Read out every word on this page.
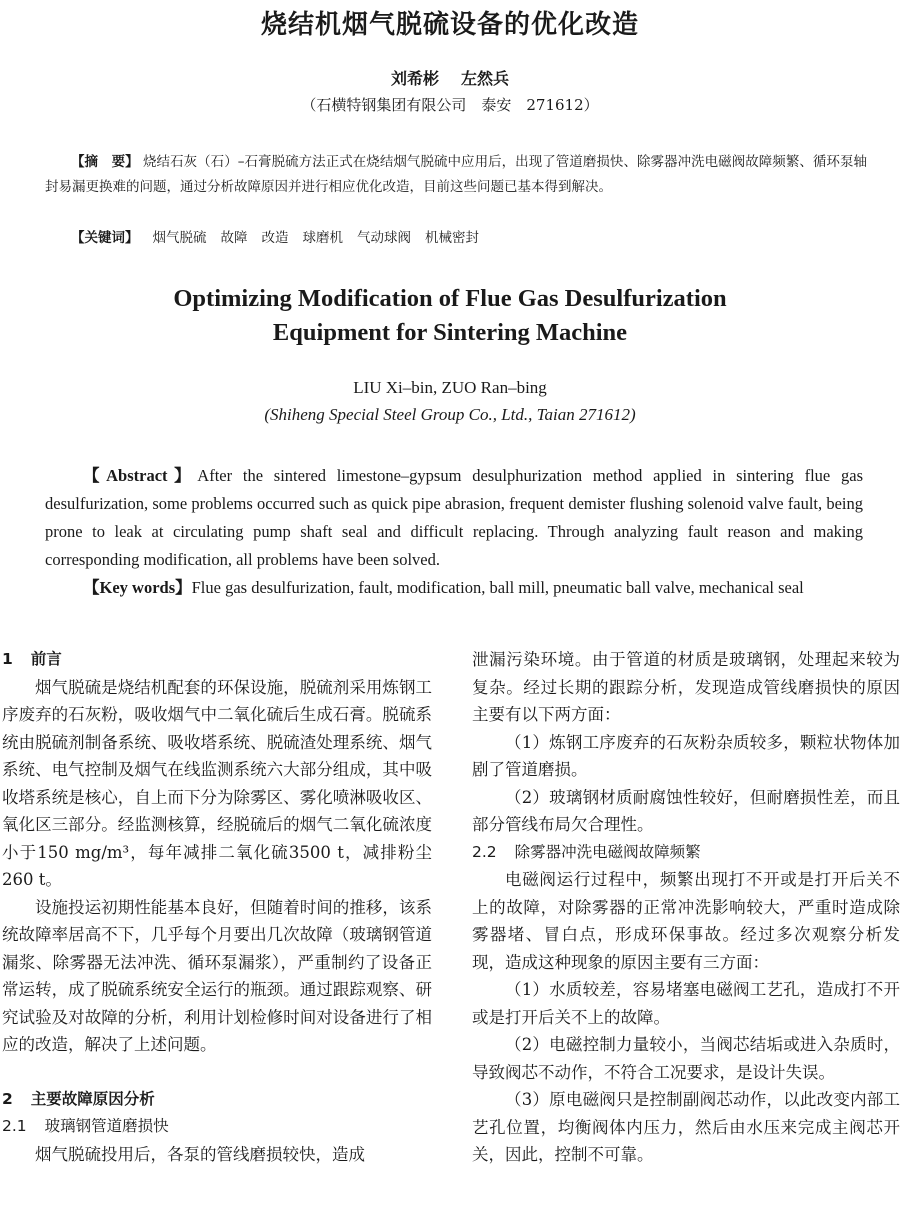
烧结机烟气脱硫设备的优化改造
刘希彬 左然兵
（石横特钢集团有限公司　泰安　271612）
【摘　要】 烧结石灰（石）–石膏脱硫方法正式在烧结烟气脱硫中应用后，出现了管道磨损快、除雾器冲洗电磁阀故障频繁、循环泵轴封易漏更换难的问题，通过分析故障原因并进行相应优化改造，目前这些问题已基本得到解决。
【关键词】 烟气脱硫 故障 改造 球磨机 气动球阀 机械密封
Optimizing Modification of Flue Gas Desulfurization
Equipment for Sintering Machine
LIU Xi–bin, ZUO Ran–bing
(Shiheng Special Steel Group Co., Ltd., Taian 271612)
【Abstract】After the sintered limestone–gypsum desulphurization method applied in sintering flue gas desulfurization, some problems occurred such as quick pipe abrasion, frequent demister flushing solenoid valve fault, being prone to leak at circulating pump shaft seal and difficult replacing. Through analyzing fault reason and making corresponding modification, all problems have been solved.
【Key words】Flue gas desulfurization, fault, modification, ball mill, pneumatic ball valve, mechanical seal
1 前言

烟气脱硫是烧结机配套的环保设施，脱硫剂采用炼钢工序废弃的石灰粉，吸收烟气中二氧化硫后生成石膏。脱硫系统由脱硫剂制备系统、吸收塔系统、脱硫渣处理系统、烟气系统、电气控制及烟气在线监测系统六大部分组成，其中吸收塔系统是核心，自上而下分为除雾区、雾化喷淋吸收区、氧化区三部分。经监测核算，经脱硫后的烟气二氧化硫浓度小于150 mg/m³，每年减排二氧化硫3500 t，减排粉尘260 t。

设施投运初期性能基本良好，但随着时间的推移，该系统故障率居高不下，几乎每个月要出几次故障（玻璃钢管道漏浆、除雾器无法冲洗、循环泵漏浆），严重制约了设备正常运转，成了脱硫系统安全运行的瓶颈。通过跟踪观察、研究试验及对故障的分析，利用计划检修时间对设备进行了相应的改造，解决了上述问题。

2 主要故障原因分析
2.1 玻璃钢管道磨损快

烟气脱硫投用后，各泵的管线磨损较快，造成

泄漏污染环境。由于管道的材质是玻璃钢，处理起来较为复杂。经过长期的跟踪分析，发现造成管线磨损快的原因主要有以下两方面：

（1）炼钢工序废弃的石灰粉杂质较多，颗粒状物体加剧了管道磨损。

（2）玻璃钢材质耐腐蚀性较好，但耐磨损性差，而且部分管线布局欠合理性。

2.2 除雾器冲洗电磁阀故障频繁

电磁阀运行过程中，频繁出现打不开或是打开后关不上的故障，对除雾器的正常冲洗影响较大，严重时造成除雾器堵、冒白点，形成环保事故。经过多次观察分析发现，造成这种现象的原因主要有三方面：

（1）水质较差，容易堵塞电磁阀工艺孔，造成打不开或是打开后关不上的故障。

（2）电磁控制力量较小，当阀芯结垢或进入杂质时，导致阀芯不动作，不符合工况要求，是设计失误。

（3）原电磁阀只是控制副阀芯动作，以此改变内部工艺孔位置，均衡阀体内压力，然后由水压来完成主阀芯开关，因此，控制不可靠。
